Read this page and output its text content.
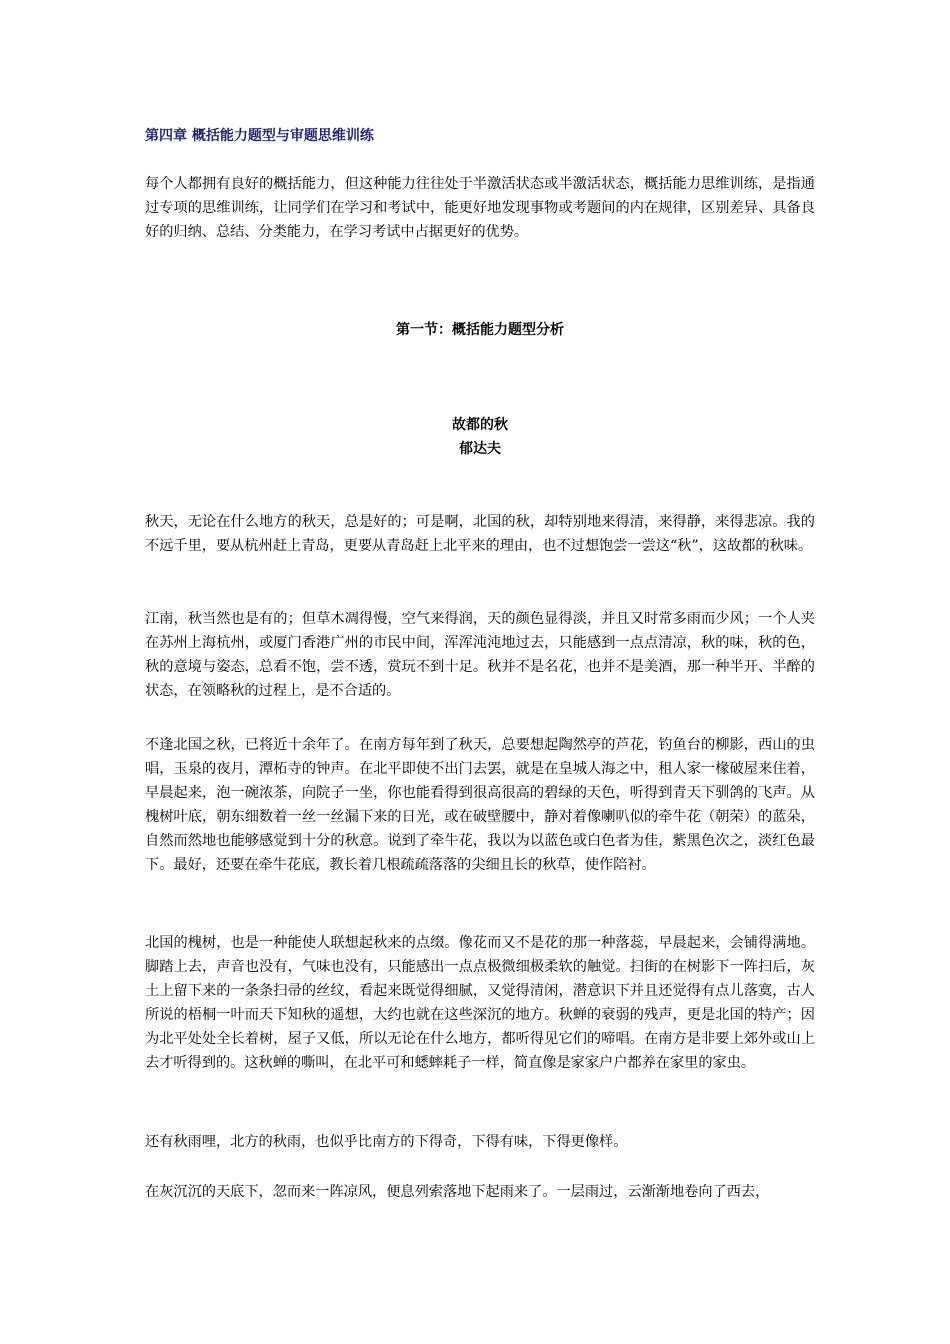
第四章 概括能力题型与审题思维训练
每个人都拥有良好的概括能力，但这种能力往往处于半激活状态或半激活状态，概括能力思维训练，是指通过专项的思维训练，让同学们在学习和考试中，能更好地发现事物或考题间的内在规律，区别差异、具备良好的归纳、总结、分类能力，在学习考试中占据更好的优势。
第一节：概括能力题型分析
故都的秋
郁达夫
秋天，无论在什么地方的秋天，总是好的；可是啊，北国的秋，却特别地来得清，来得静，来得悲凉。我的不远千里，要从杭州赶上青岛，更要从青岛赶上北平来的理由，也不过想饱尝一尝这“秋”，这故都的秋味。
江南，秋当然也是有的；但草木凋得慢，空气来得润，天的颜色显得淡，并且又时常多雨而少风；一个人夹在苏州上海杭州，或厦门香港广州的市民中间，浑浑沌沌地过去，只能感到一点点清凉，秋的味，秋的色，秋的意境与姿态，总看不饱，尝不透，赏玩不到十足。秋并不是名花，也并不是美酒，那一种半开、半醉的状态，在领略秋的过程上，是不合适的。
不逢北国之秋，已将近十余年了。在南方每年到了秋天，总要想起陶然亭的芦花，钓鱼台的柳影，西山的虫唱，玉泉的夜月，潭柘寺的钟声。在北平即使不出门去罢，就是在皇城人海之中，租人家一椽破屋来住着，早晨起来，泡一碗浓茶，向院子一坐，你也能看得到很高很高的碧绿的天色，听得到青天下驯鸽的飞声。从槐树叶底，朝东细数着一丝一丝漏下来的日光，或在破壁腰中，静对着像喇叭似的牵牛花（朝荣）的蓝朵，自然而然地也能够感觉到十分的秋意。说到了牵牛花，我以为以蓝色或白色者为佳，紫黑色次之，淡红色最下。最好，还要在牵牛花底，教长着几根疏疏落落的尖细且长的秋草，使作陪衬。
北国的槐树，也是一种能使人联想起秋来的点缀。像花而又不是花的那一种落蕊，早晨起来，会铺得满地。脚踏上去，声音也没有，气味也没有，只能感出一点点极微细极柔软的触觉。扫街的在树影下一阵扫后，灰土上留下来的一条条扫帚的丝纹，看起来既觉得细腻，又觉得清闲，潜意识下并且还觉得有点儿落寞，古人所说的梧桐一叶而天下知秋的遥想，大约也就在这些深沉的地方。秋蝉的衰弱的残声，更是北国的特产；因为北平处处全长着树，屋子又低，所以无论在什么地方，都听得见它们的啼唱。在南方是非要上郊外或山上去才听得到的。这秋蝉的嘶叫，在北平可和蟋蟀耗子一样，简直像是家家户户都养在家里的家虫。
还有秋雨哩，北方的秋雨，也似乎比南方的下得奇，下得有味，下得更像样。
在灰沉沉的天底下，忽而来一阵凉风，便息列索落地下起雨来了。一层雨过，云渐渐地卷向了西去，
